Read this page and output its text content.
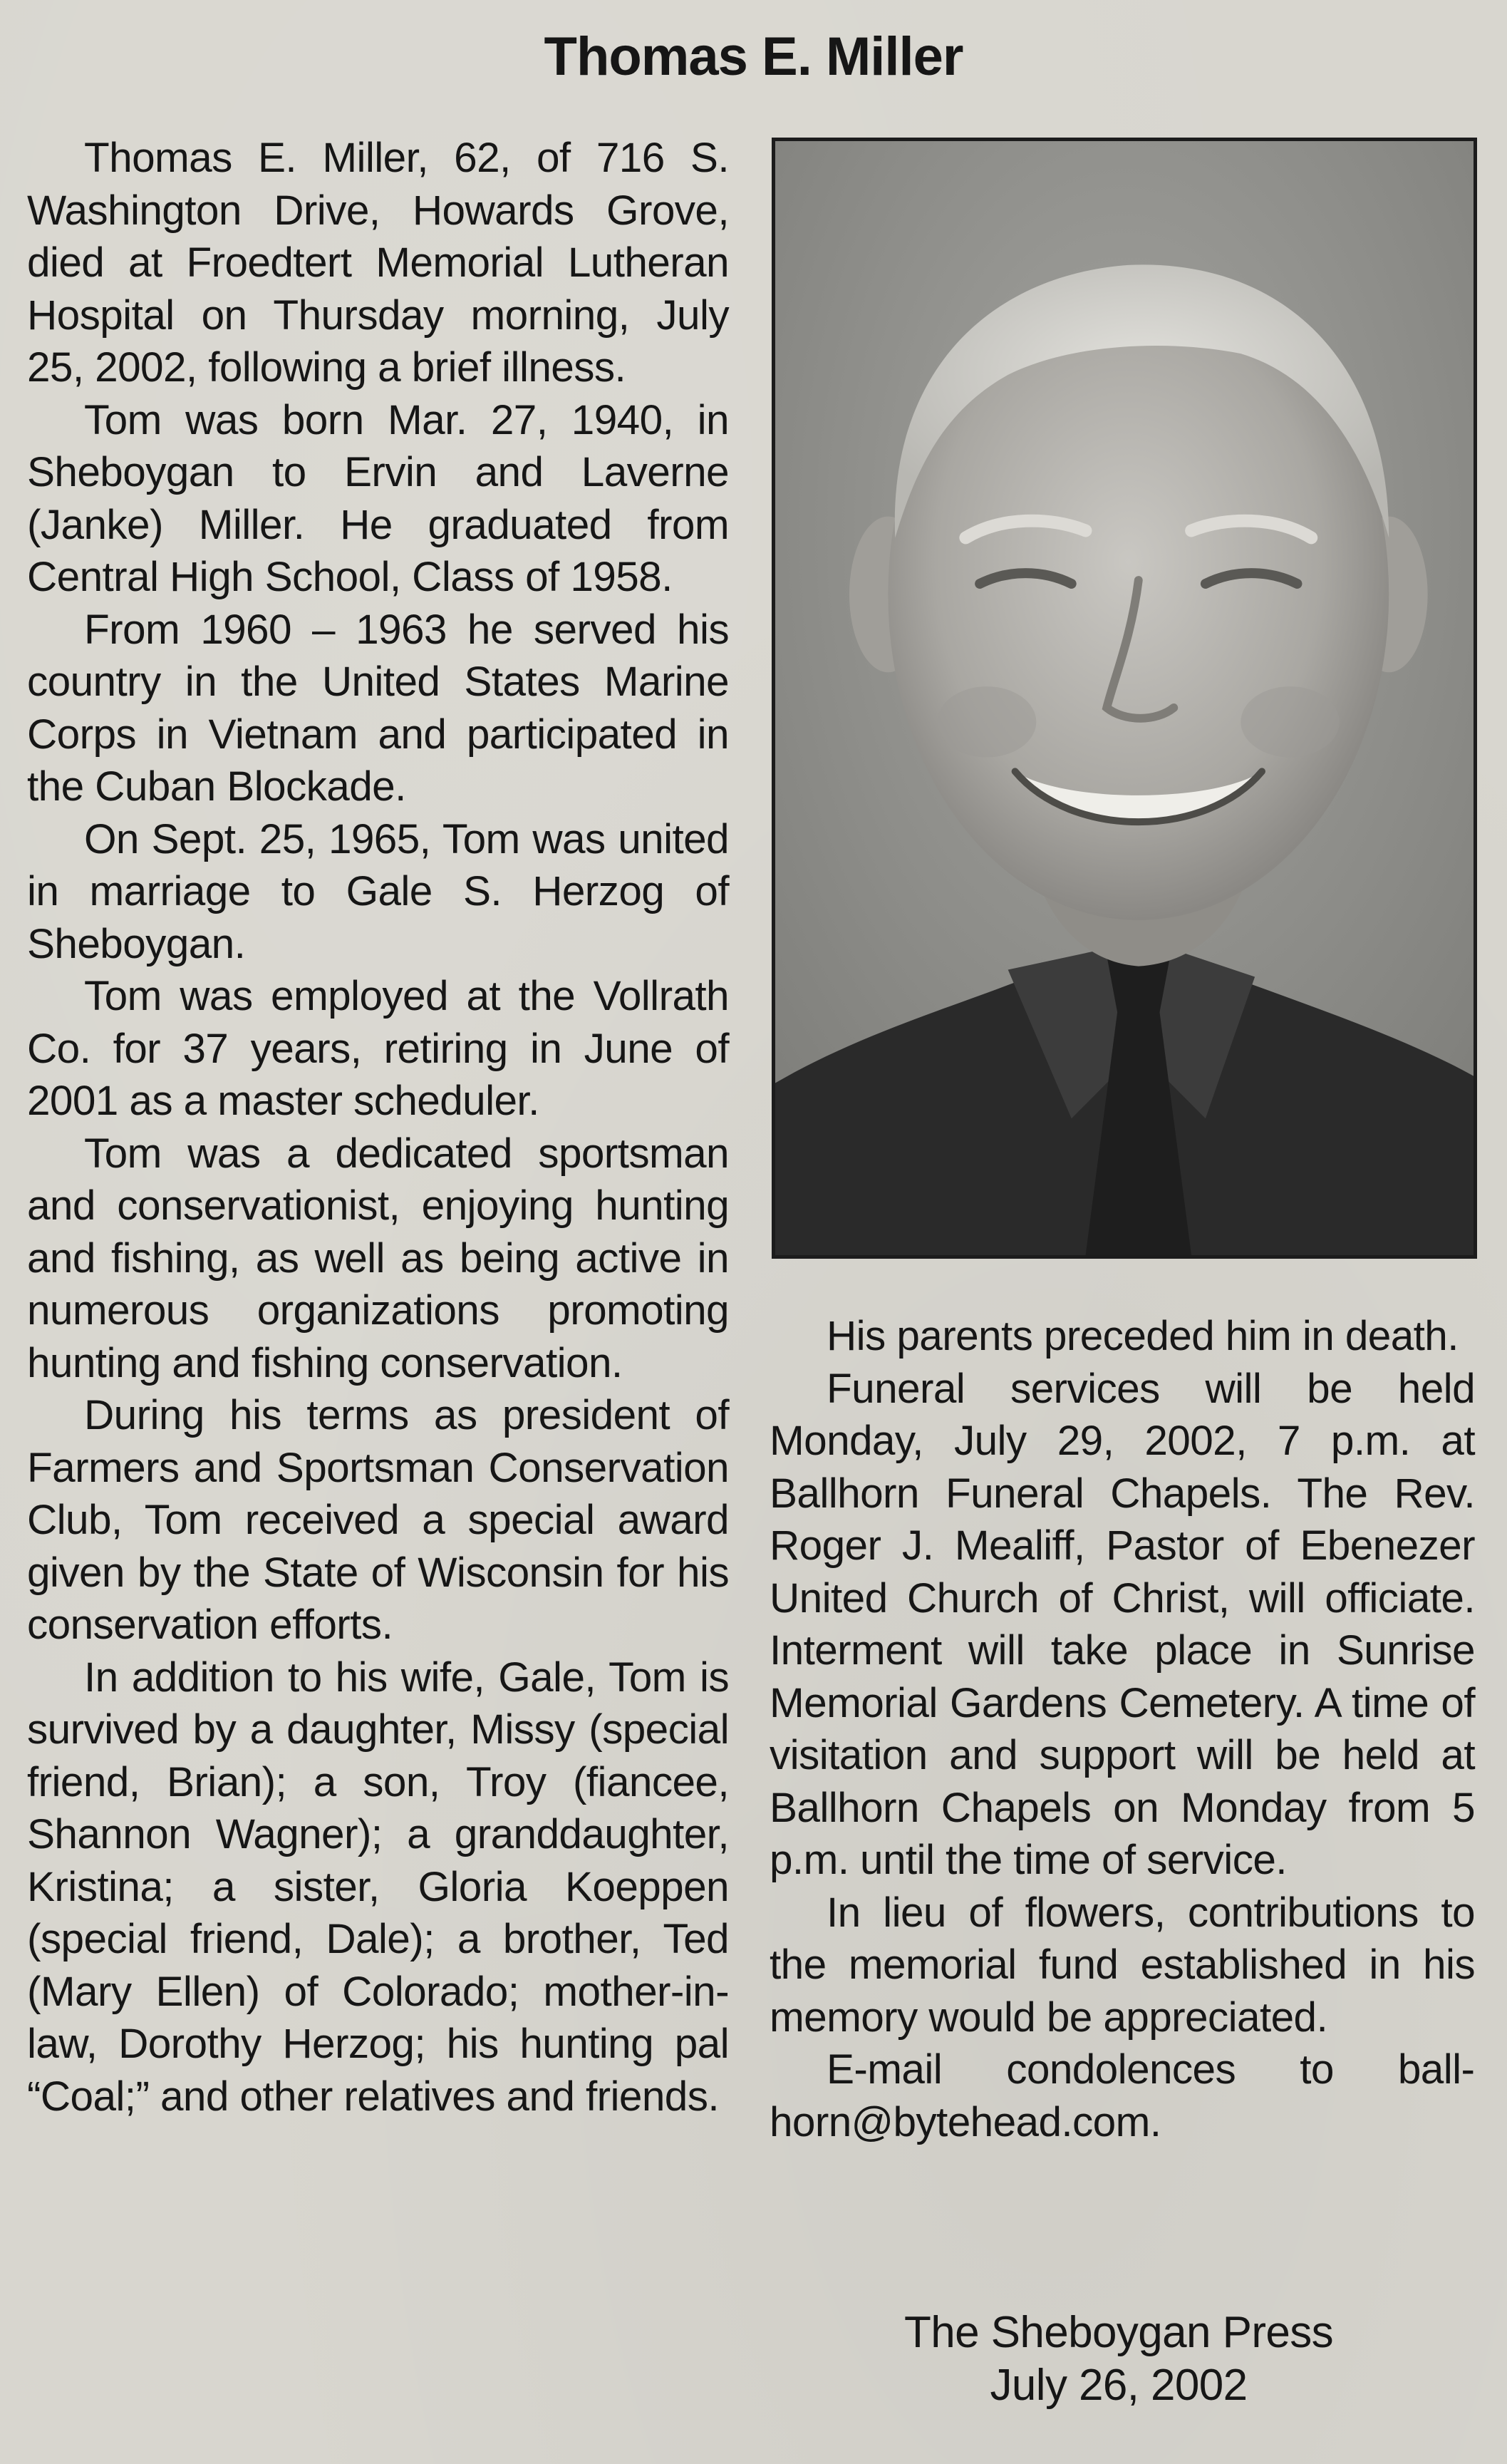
Thomas E. Miller

Thomas E. Miller, 62, of 716 S. Washington Drive, Howards Grove, died at Froedtert Memorial Lutheran Hospital on Thursday morning, July 25, 2002, following a brief illness.

Tom was born Mar. 27, 1940, in Sheboygan to Ervin and Laverne (Janke) Miller. He graduated from Central High School, Class of 1958.

From 1960 – 1963 he served his country in the United States Marine Corps in Vietnam and participated in the Cuban Blockade.

On Sept. 25, 1965, Tom was united in marriage to Gale S. Herzog of Sheboygan.

Tom was employed at the Vollrath Co. for 37 years, retiring in June of 2001 as a master scheduler.

Tom was a dedicated sportsman and conservationist, enjoying hunting and fishing, as well as being active in numerous organizations promoting hunting and fishing conservation.

During his terms as president of Farmers and Sportsman Conservation Club, Tom received a special award given by the State of Wisconsin for his conservation efforts.

In addition to his wife, Gale, Tom is survived by a daughter, Missy (special friend, Brian); a son, Troy (fiancee, Shannon Wagner); a granddaughter, Kristina; a sister, Gloria Koeppen (special friend, Dale); a brother, Ted (Mary Ellen) of Colorado; mother-in-law, Dorothy Herzog; his hunting pal “Coal;” and other relatives and friends.

His parents preceded him in death.

Funeral services will be held Monday, July 29, 2002, 7 p.m. at Ballhorn Funeral Chapels. The Rev. Roger J. Mealiff, Pastor of Ebenezer United Church of Christ, will officiate. Interment will take place in Sunrise Memorial Gardens Cemetery. A time of visitation and support will be held at Ballhorn Chapels on Monday from 5 p.m. until the time of service.

In lieu of flowers, contributions to the memorial fund established in his memory would be appreciated.

E-mail condolences to ballhorn@bytehead.com.

The Sheboygan Press
July 26, 2002
